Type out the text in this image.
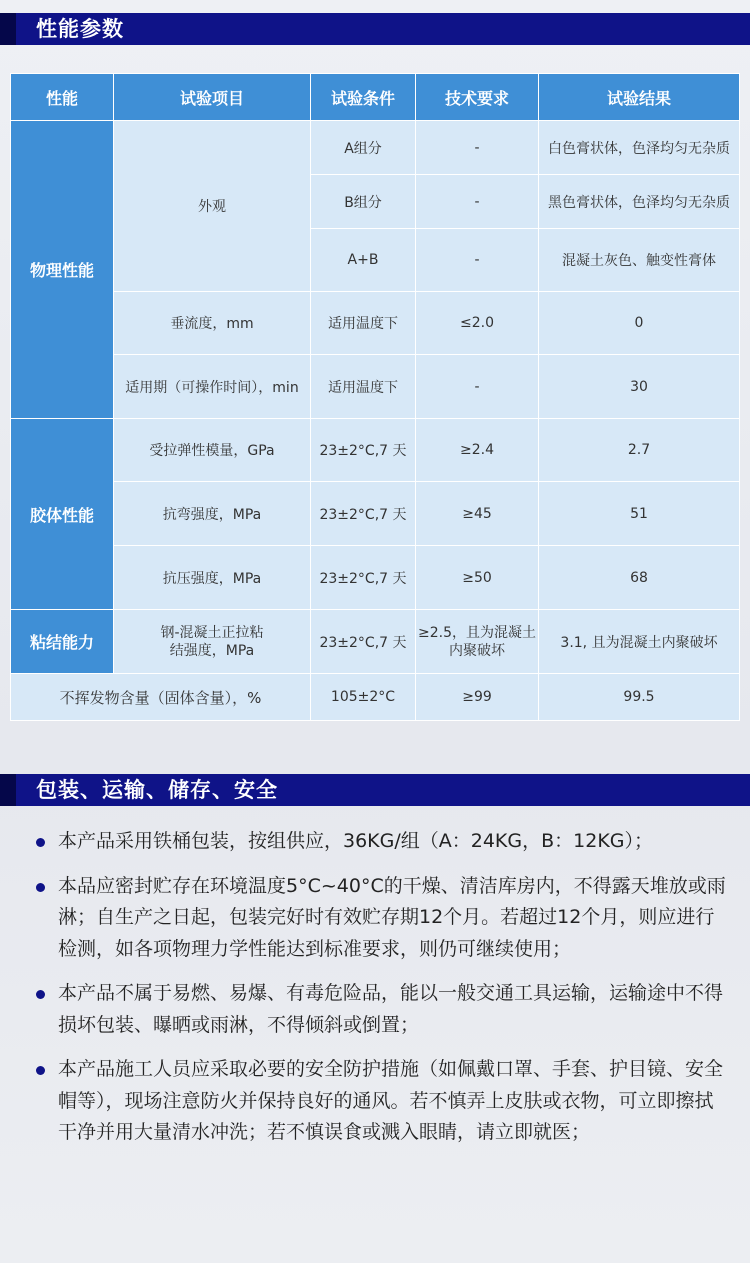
性能参数
性能	试验项目	试验条件	技术要求	试验结果
物理性能	外观	A组分	-	白色膏状体，色泽均匀无杂质
		B组分	-	黑色膏状体，色泽均匀无杂质
		A+B	-	混凝土灰色、触变性膏体
	垂流度，mm	适用温度下	≤2.0	0
	适用期（可操作时间），min	适用温度下	-	30
胶体性能	受拉弹性模量，GPa	23±2°C,7 天	≥2.4	2.7
	抗弯强度，MPa	23±2°C,7 天	≥45	51
	抗压强度，MPa	23±2°C,7 天	≥50	68
粘结能力	钢-混凝土正拉粘结强度，MPa	23±2°C,7 天	≥2.5，且为混凝土内聚破坏	3.1, 且为混凝土内聚破坏
不挥发物含量（固体含量），%		105±2°C	≥99	99.5
包装、运输、储存、安全
本产品采用铁桶包装，按组供应，36KG/组（A：24KG，B：12KG）；
本品应密封贮存在环境温度5°C~40°C的干燥、清洁库房内，不得露天堆放或雨淋；自生产之日起，包装完好时有效贮存期12个月。若超过12个月，则应进行检测，如各项物理力学性能达到标准要求，则仍可继续使用；
本产品不属于易燃、易爆、有毒危险品，能以一般交通工具运输，运输途中不得损坏包装、曝晒或雨淋，不得倾斜或倒置；
本产品施工人员应采取必要的安全防护措施（如佩戴口罩、手套、护目镜、安全帽等），现场注意防火并保持良好的通风。若不慎弄上皮肤或衣物，可立即擦拭干净并用大量清水冲洗；若不慎误食或溅入眼睛，请立即就医；
